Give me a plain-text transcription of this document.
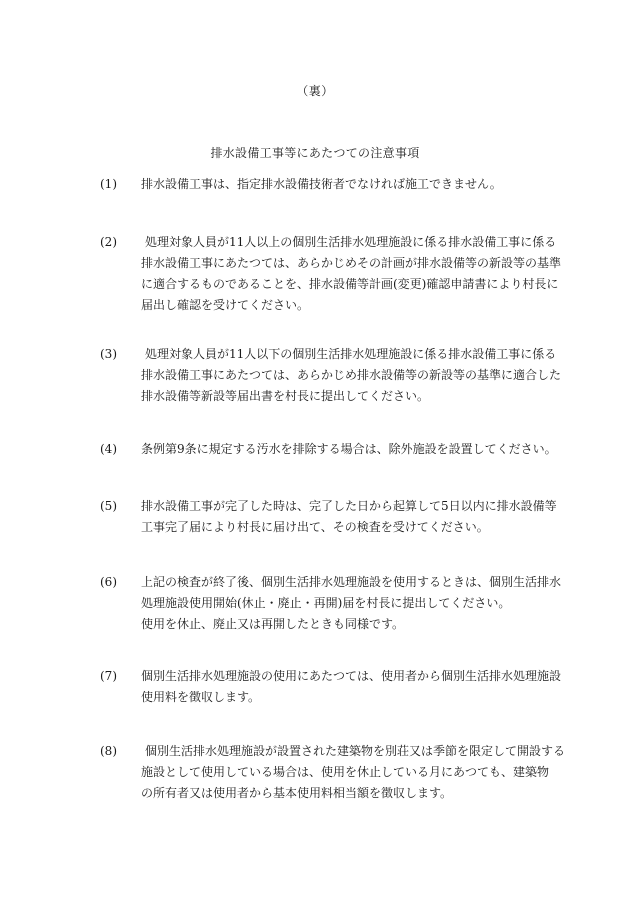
（裏）
排水設備工事等にあたつての注意事項
(1) 排水設備工事は、指定排水設備技術者でなければ施工できません。

(2)	処理対象人員が11人以上の個別生活排水処理施設に係る排水設備工事に係る

排水設備工事にあたつては、あらかじめその計画が排水設備等の新設等の基準

に適合するものであることを、排水設備等計画(変更)確認申請書により村長に

届出し確認を受けてください。

(3)	処理対象人員が11人以下の個別生活排水処理施設に係る排水設備工事に係る

排水設備工事にあたつては、あらかじめ排水設備等の新設等の基準に適合した

排水設備等新設等届出書を村長に提出してください。

(4) 条例第9条に規定する汚水を排除する場合は、除外施設を設置してください。

(5) 排水設備工事が完了した時は、完了した日から起算して5日以内に排水設備等

工事完了届により村長に届け出て、その検査を受けてください。

(6) 上記の検査が終了後、個別生活排水処理施設を使用するときは、個別生活排水

処理施設使用開始(休止・廃止・再開)届を村長に提出してください。

使用を休止、廃止又は再開したときも同様です。

(7) 個別生活排水処理施設の使用にあたつては、使用者から個別生活排水処理施設

使用料を徴収します。

(8)	個別生活排水処理施設が設置された建築物を別荘又は季節を限定して開設する

施設として使用している場合は、使用を休止している月にあつても、建築物

の所有者又は使用者から基本使用料相当額を徴収します。
